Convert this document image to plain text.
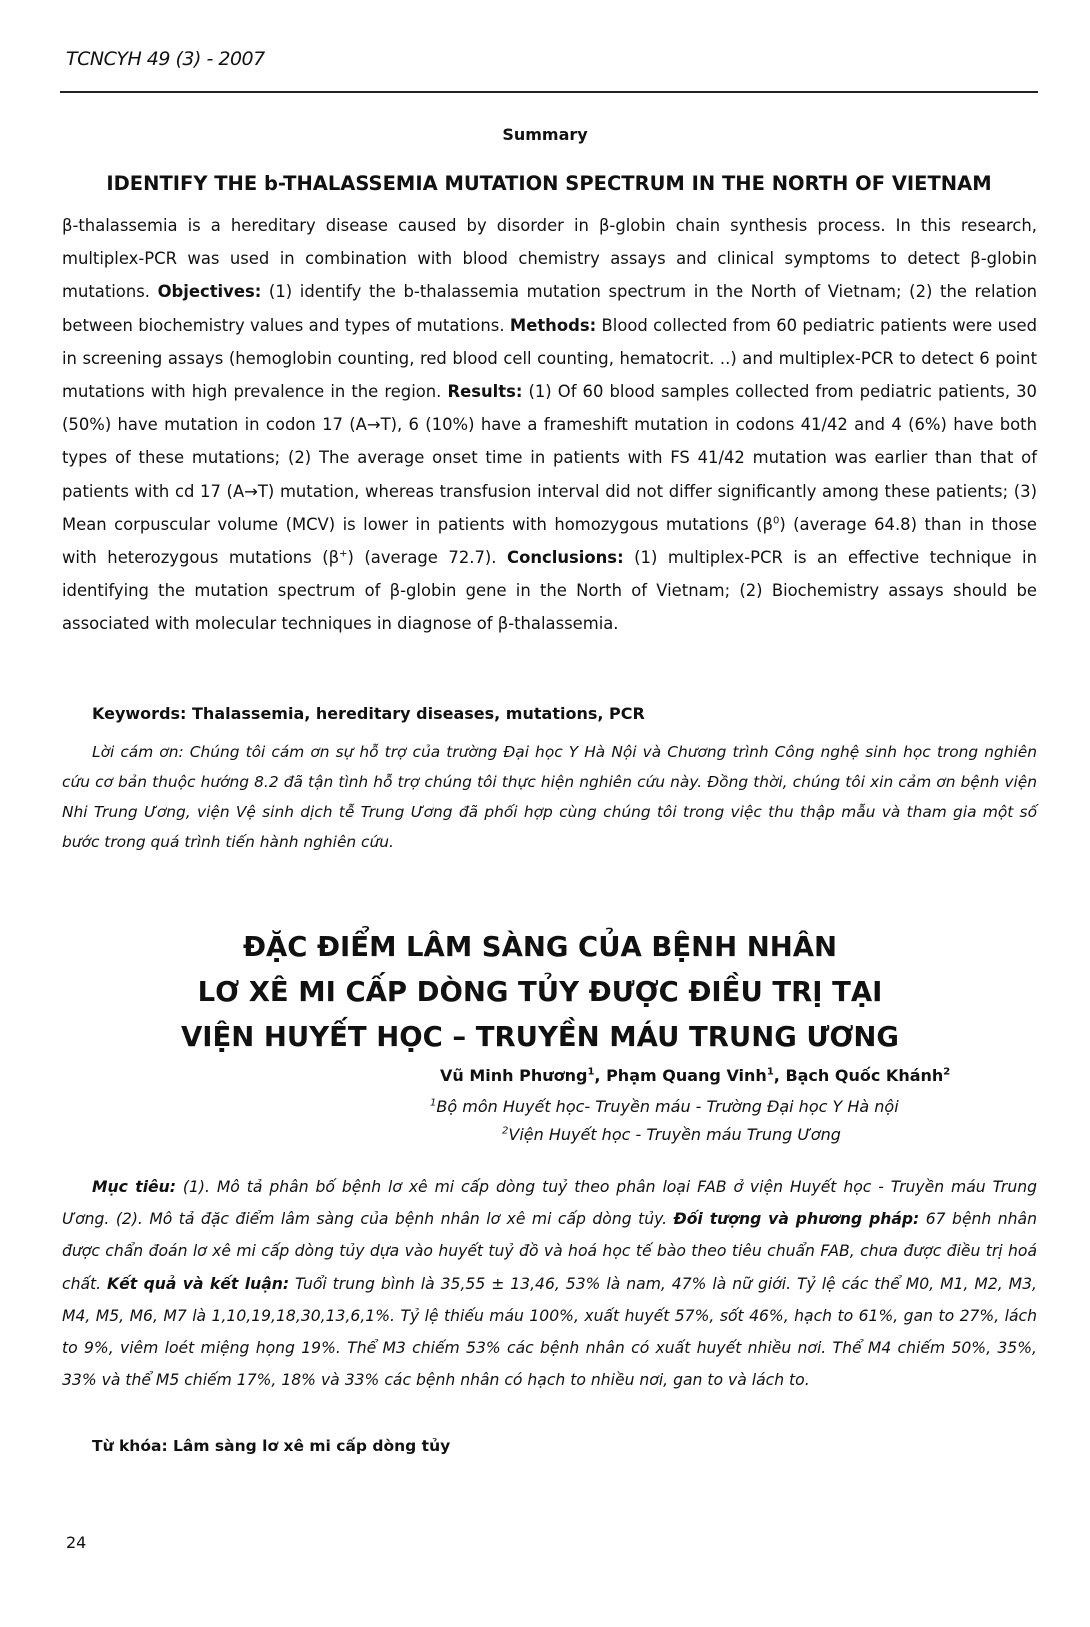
TCNCYH 49 (3) - 2007
Summary
IDENTIFY THE b-THALASSEMIA MUTATION SPECTRUM IN THE NORTH OF VIETNAM

β-thalassemia is a hereditary disease caused by disorder in β-globin chain synthesis process. In this research, multiplex-PCR was used in combination with blood chemistry assays and clinical symptoms to detect β-globin mutations. Objectives: (1) identify the b-thalassemia mutation spectrum in the North of Vietnam; (2) the relation between biochemistry values and types of mutations. Methods: Blood collected from 60 pediatric patients were used in screening assays (hemoglobin counting, red blood cell counting, hematocrit. ..) and multiplex-PCR to detect 6 point mutations with high prevalence in the region. Results: (1) Of 60 blood samples collected from pediatric patients, 30 (50%) have mutation in codon 17 (A→T), 6 (10%) have a frameshift mutation in codons 41/42 and 4 (6%) have both types of these mutations; (2) The average onset time in patients with FS 41/42 mutation was earlier than that of patients with cd 17 (A→T) mutation, whereas transfusion interval did not differ significantly among these patients; (3) Mean corpuscular volume (MCV) is lower in patients with homozygous mutations $(\beta^0)$ (average 64.8) than in those with heterozygous mutations (β+) (average 72.7). Conclusions: (1) multiplex-PCR is an effective technique in identifying the mutation spectrum of β-globin gene in the North of Vietnam; (2) Biochemistry assays should be associated with molecular techniques in diagnose of β-thalassemia.

Keywords: Thalassemia, hereditary diseases, mutations, PCR

Lời cám ơn: Chúng tôi cám ơn sự hỗ trợ của trường Đại học Y Hà Nội và Chương trình Công nghệ sinh học trong nghiên cứu cơ bản thuộc hướng 8.2 đã tận tình hỗ trợ chúng tôi thực hiện nghiên cứu này. Đồng thời, chúng tôi xin cảm ơn bệnh viện Nhi Trung Ương, viện Vệ sinh dịch tễ Trung Ương đã phối hợp cùng chúng tôi trong việc thu thập mẫu và tham gia một số bước trong quá trình tiến hành nghiên cứu.

ĐẶC ĐIỂM LÂM SÀNG CỦA BỆNH NHÂN
LƠ XÊ MI CẤP DÒNG TỦY ĐƯỢC ĐIỀU TRỊ TẠI
VIỆN HUYẾT HỌC – TRUYỀN MÁU TRUNG ƯƠNG
Vũ Minh Phương$^1$, Phạm Quang Vinh$^1$, Bạch Quốc Khánh$^2$
$^1$Bộ môn Huyết học- Truyền máu - Trường Đại học Y Hà nội
$^2$Viện Huyết học - Truyền máu Trung Ương

Mục tiêu: (1). Mô tả phân bố bệnh lơ xê mi cấp dòng tuỷ theo phân loại FAB ở viện Huyết học - Truyền máu Trung Ương. (2). Mô tả đặc điểm lâm sàng của bệnh nhân lơ xê mi cấp dòng tủy. Đối tượng và phương pháp: 67 bệnh nhân được chẩn đoán lơ xê mi cấp dòng tủy dựa vào huyết tuỷ đồ và hoá học tế bào theo tiêu chuẩn FAB, chưa được điều trị hoá chất. Kết quả và kết luận: Tuổi trung bình là 35,55 ± 13,46, 53% là nam, 47% là nữ giới. Tỷ lệ các thể M0, M1, M2, M3, M4, M5, M6, M7 là 1,10,19,18,30,13,6,1%. Tỷ lệ thiếu máu 100%, xuất huyết 57%, sốt 46%, hạch to 61%, gan to 27%, lách to 9%, viêm loét miệng họng 19%. Thể M3 chiếm 53% các bệnh nhân có xuất huyết nhiều nơi. Thể M4 chiếm 50%, 35%, 33% và thể M5 chiếm 17%, 18% và 33% các bệnh nhân có hạch to nhiều nơi, gan to và lách to.

Từ khóa: Lâm sàng lơ xê mi cấp dòng tủy
24
